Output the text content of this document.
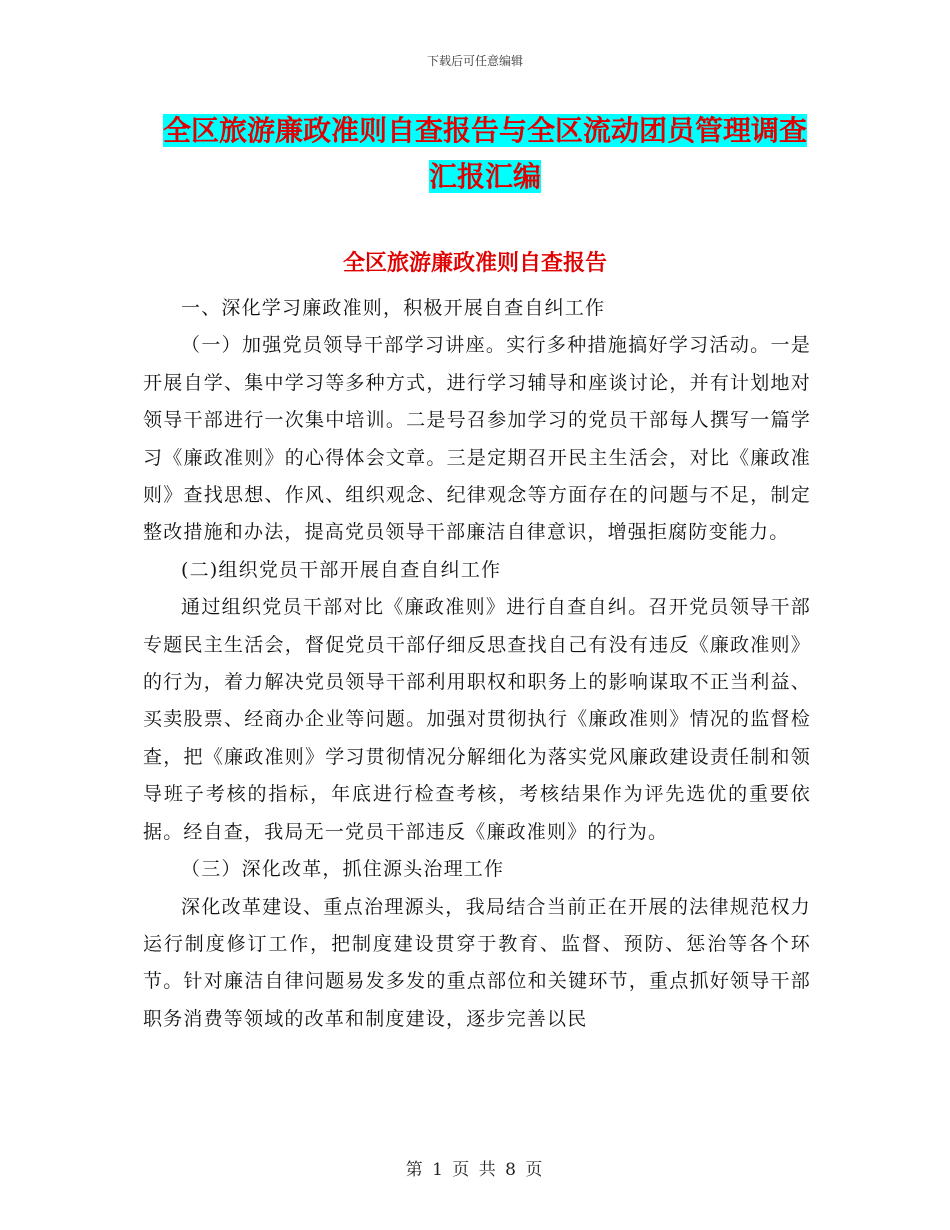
下载后可任意编辑
全区旅游廉政准则自查报告与全区流动团员管理调查
汇报汇编
全区旅游廉政准则自查报告

一、深化学习廉政准则，积极开展自查自纠工作

（一）加强党员领导干部学习讲座。实行多种措施搞好学习活动。一是开展自学、集中学习等多种方式，进行学习辅导和座谈讨论，并有计划地对领导干部进行一次集中培训。二是号召参加学习的党员干部每人撰写一篇学习《廉政准则》的心得体会文章。三是定期召开民主生活会，对比《廉政准则》查找思想、作风、组织观念、纪律观念等方面存在的问题与不足，制定整改措施和办法，提高党员领导干部廉洁自律意识，增强拒腐防变能力。

(二)组织党员干部开展自查自纠工作

通过组织党员干部对比《廉政准则》进行自查自纠。召开党员领导干部专题民主生活会，督促党员干部仔细反思查找自己有没有违反《廉政准则》的行为，着力解决党员领导干部利用职权和职务上的影响谋取不正当利益、买卖股票、经商办企业等问题。加强对贯彻执行《廉政准则》情况的监督检查，把《廉政准则》学习贯彻情况分解细化为落实党风廉政建设责任制和领导班子考核的指标，年底进行检查考核，考核结果作为评先选优的重要依据。经自查，我局无一党员干部违反《廉政准则》的行为。

（三）深化改革，抓住源头治理工作

深化改革建设、重点治理源头，我局结合当前正在开展的法律规范权力运行制度修订工作，把制度建设贯穿于教育、监督、预防、惩治等各个环节。针对廉洁自律问题易发多发的重点部位和关键环节，重点抓好领导干部职务消费等领域的改革和制度建设，逐步完善以民

第 1 页 共 8 页
